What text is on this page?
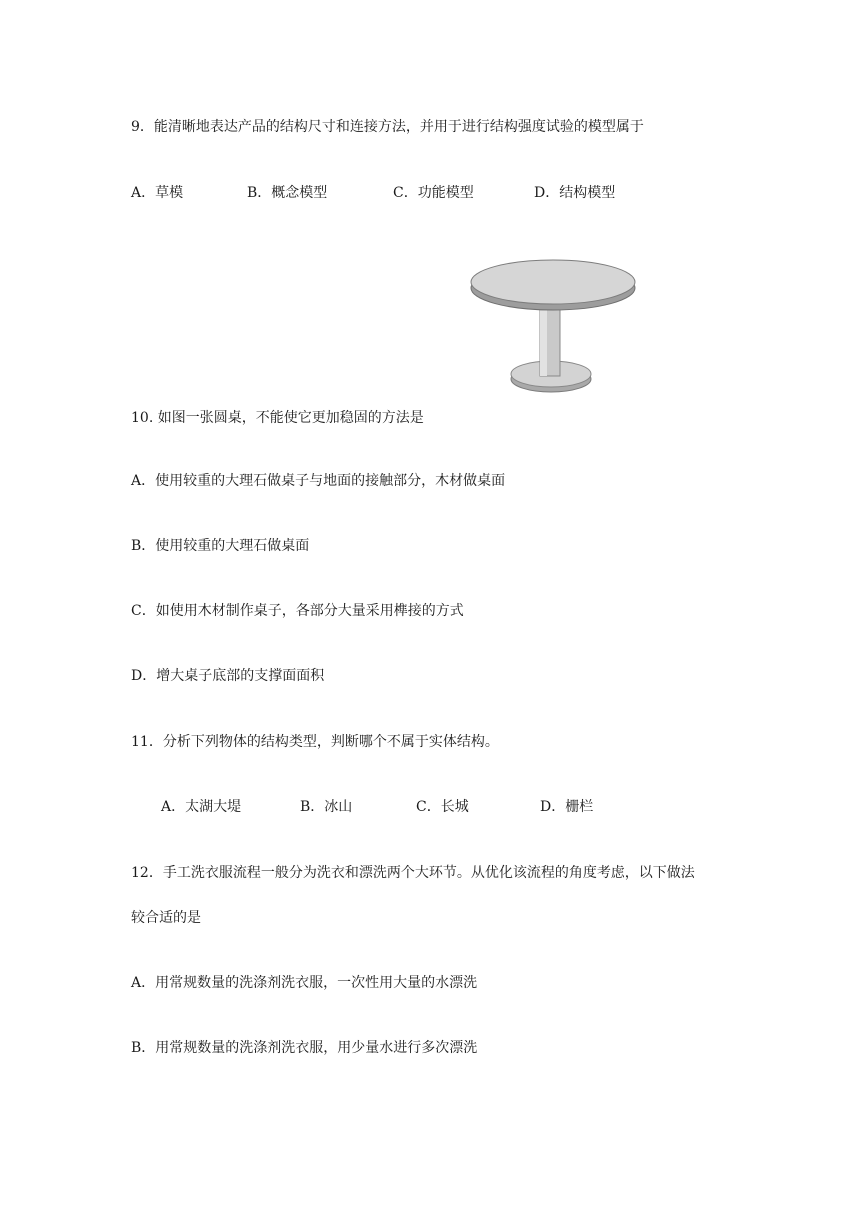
9．能清晰地表达产品的结构尺寸和连接方法，并用于进行结构强度试验的模型属于
A．草模	B．概念模型	C．功能模型	D．结构模型
10. 如图一张圆桌，不能使它更加稳固的方法是
A．使用较重的大理石做桌子与地面的接触部分，木材做桌面
B．使用较重的大理石做桌面
C．如使用木材制作桌子，各部分大量采用榫接的方式
D．增大桌子底部的支撑面面积
11．分析下列物体的结构类型，判断哪个不属于实体结构。
A．太湖大堤	B．冰山	C．长城	D．栅栏
12．手工洗衣服流程一般分为洗衣和漂洗两个大环节。从优化该流程的角度考虑，以下做法
较合适的是
A．用常规数量的洗涤剂洗衣服，一次性用大量的水漂洗
B．用常规数量的洗涤剂洗衣服，用少量水进行多次漂洗
